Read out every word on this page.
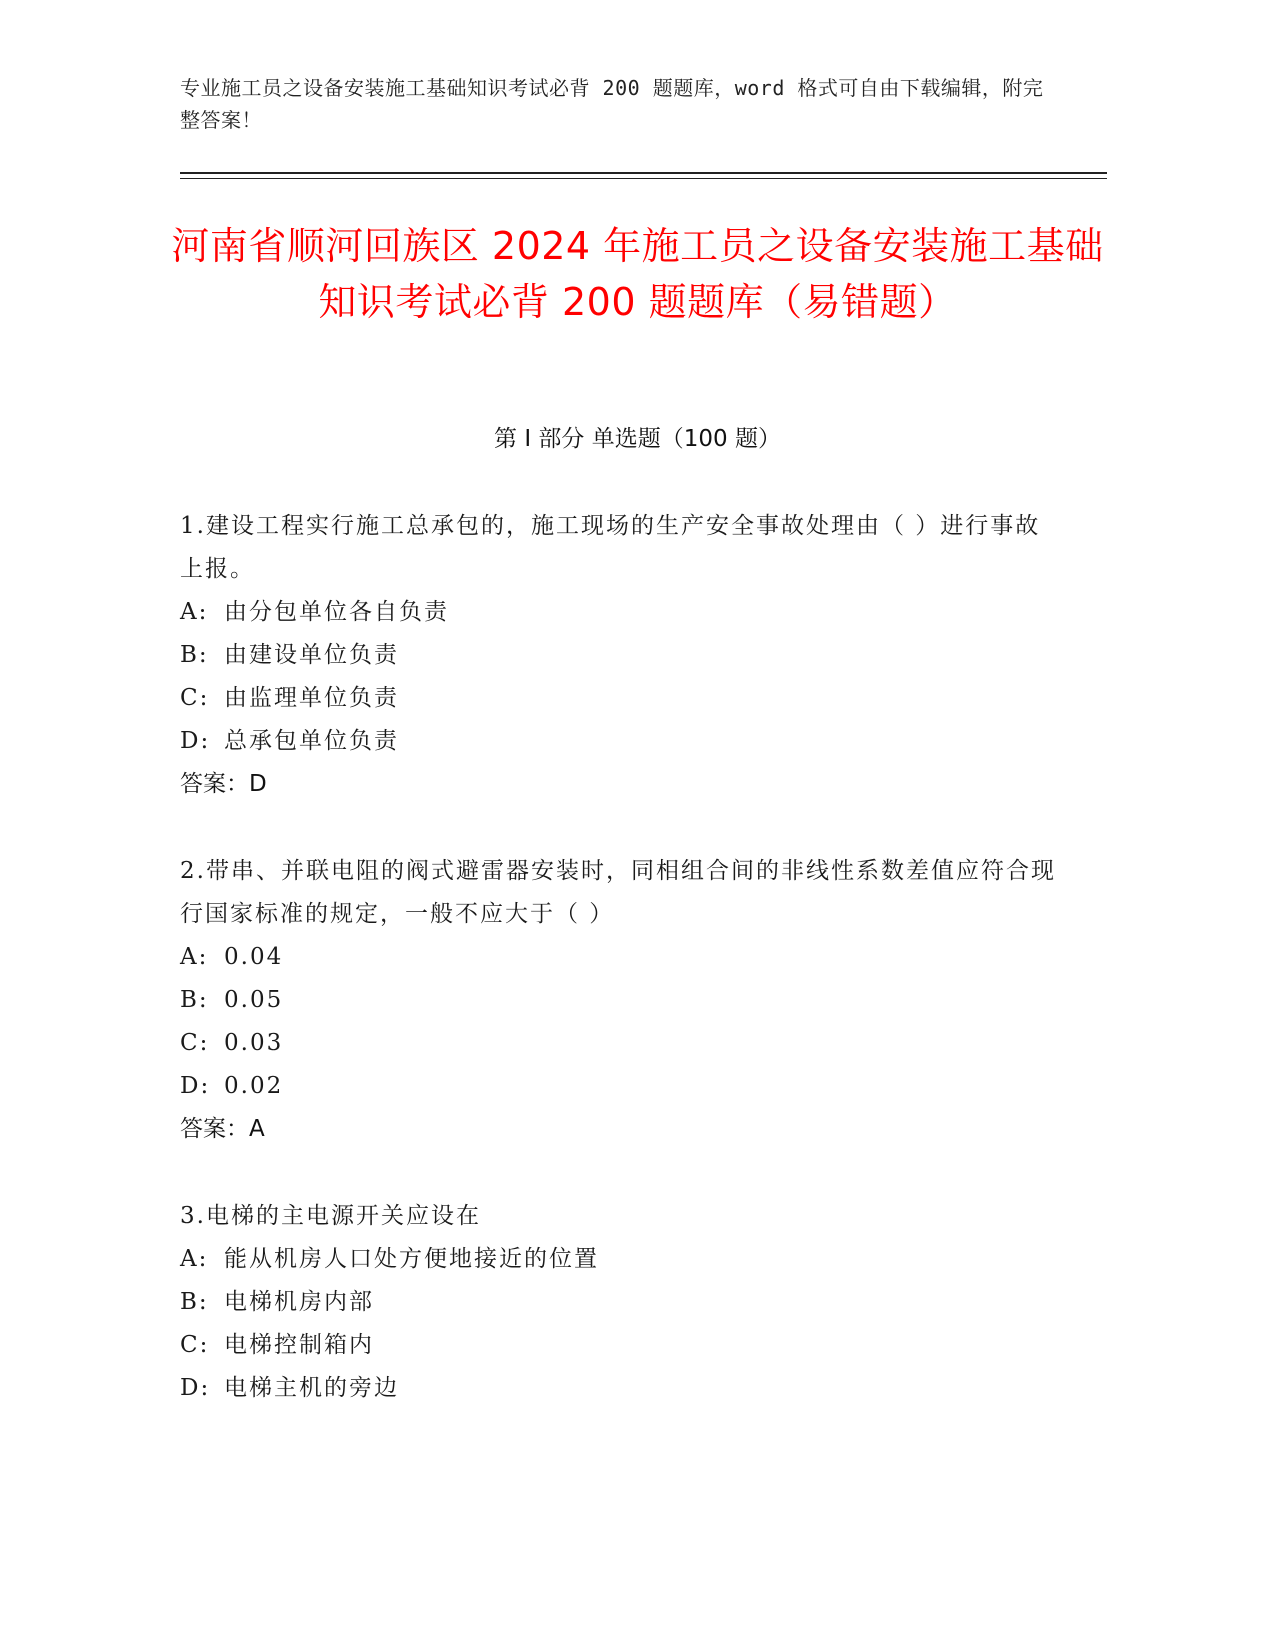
专业施工员之设备安装施工基础知识考试必背 200 题题库，word 格式可自由下载编辑，附完整答案！
河南省顺河回族区 2024 年施工员之设备安装施工基础知识考试必背 200 题题库（易错题）
第 I 部分 单选题（100 题）
1.建设工程实行施工总承包的，施工现场的生产安全事故处理由（ ）进行事故上报。
A: 由分包单位各自负责
B: 由建设单位负责
C: 由监理单位负责
D: 总承包单位负责
答案：D
2.带串、并联电阻的阀式避雷器安装时，同相组合间的非线性系数差值应符合现行国家标准的规定，一般不应大于（ ）
A: 0.04
B: 0.05
C: 0.03
D: 0.02
答案：A
3.电梯的主电源开关应设在
A: 能从机房人口处方便地接近的位置
B: 电梯机房内部
C: 电梯控制箱内
D: 电梯主机的旁边
